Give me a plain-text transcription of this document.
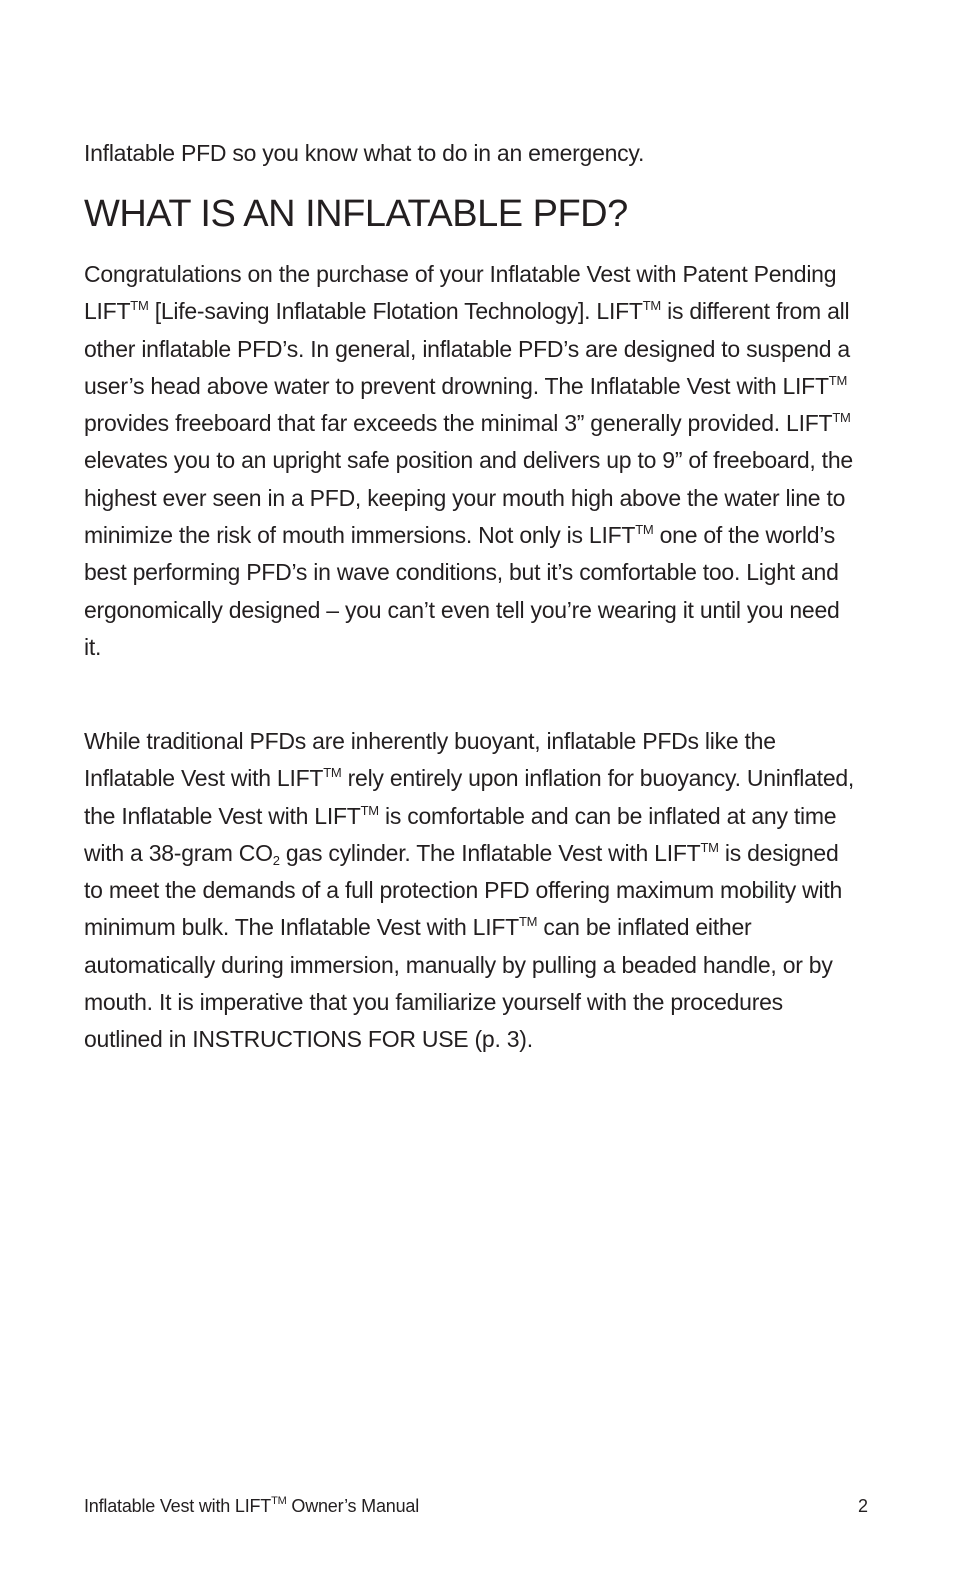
Inflatable PFD so you know what to do in an emergency.

WHAT IS AN INFLATABLE PFD?

Congratulations on the purchase of your Inflatable Vest with Patent Pending LIFT™ [Life-saving Inflatable Flotation Technology]. LIFT™ is different from all other inflatable PFD’s. In general, inflatable PFD’s are designed to suspend a user’s head above water to prevent drowning. The Inflatable Vest with LIFT™ provides freeboard that far exceeds the minimal 3” generally provided. LIFT™ elevates you to an upright safe position and delivers up to 9” of freeboard, the highest ever seen in a PFD, keeping your mouth high above the water line to minimize the risk of mouth immersions. Not only is LIFT™ one of the world’s best performing PFD’s in wave conditions, but it’s comfortable too. Light and ergonomically designed – you can’t even tell you’re wearing it until you need it.

While traditional PFDs are inherently buoyant, inflatable PFDs like the Inflatable Vest with LIFT™ rely entirely upon inflation for buoyancy. Uninflated, the Inflatable Vest with LIFT™ is comfortable and can be inflated at any time with a 38-gram $CO_2$ gas cylinder. The Inflatable Vest with LIFT™ is designed to meet the demands of a full protection PFD offering maximum mobility with minimum bulk. The Inflatable Vest with LIFT™ can be inflated either automatically during immersion, manually by pulling a beaded handle, or by mouth. It is imperative that you familiarize yourself with the procedures outlined in INSTRUCTIONS FOR USE (p. 3).

Inflatable Vest with LIFT™ Owner’s Manual	2
